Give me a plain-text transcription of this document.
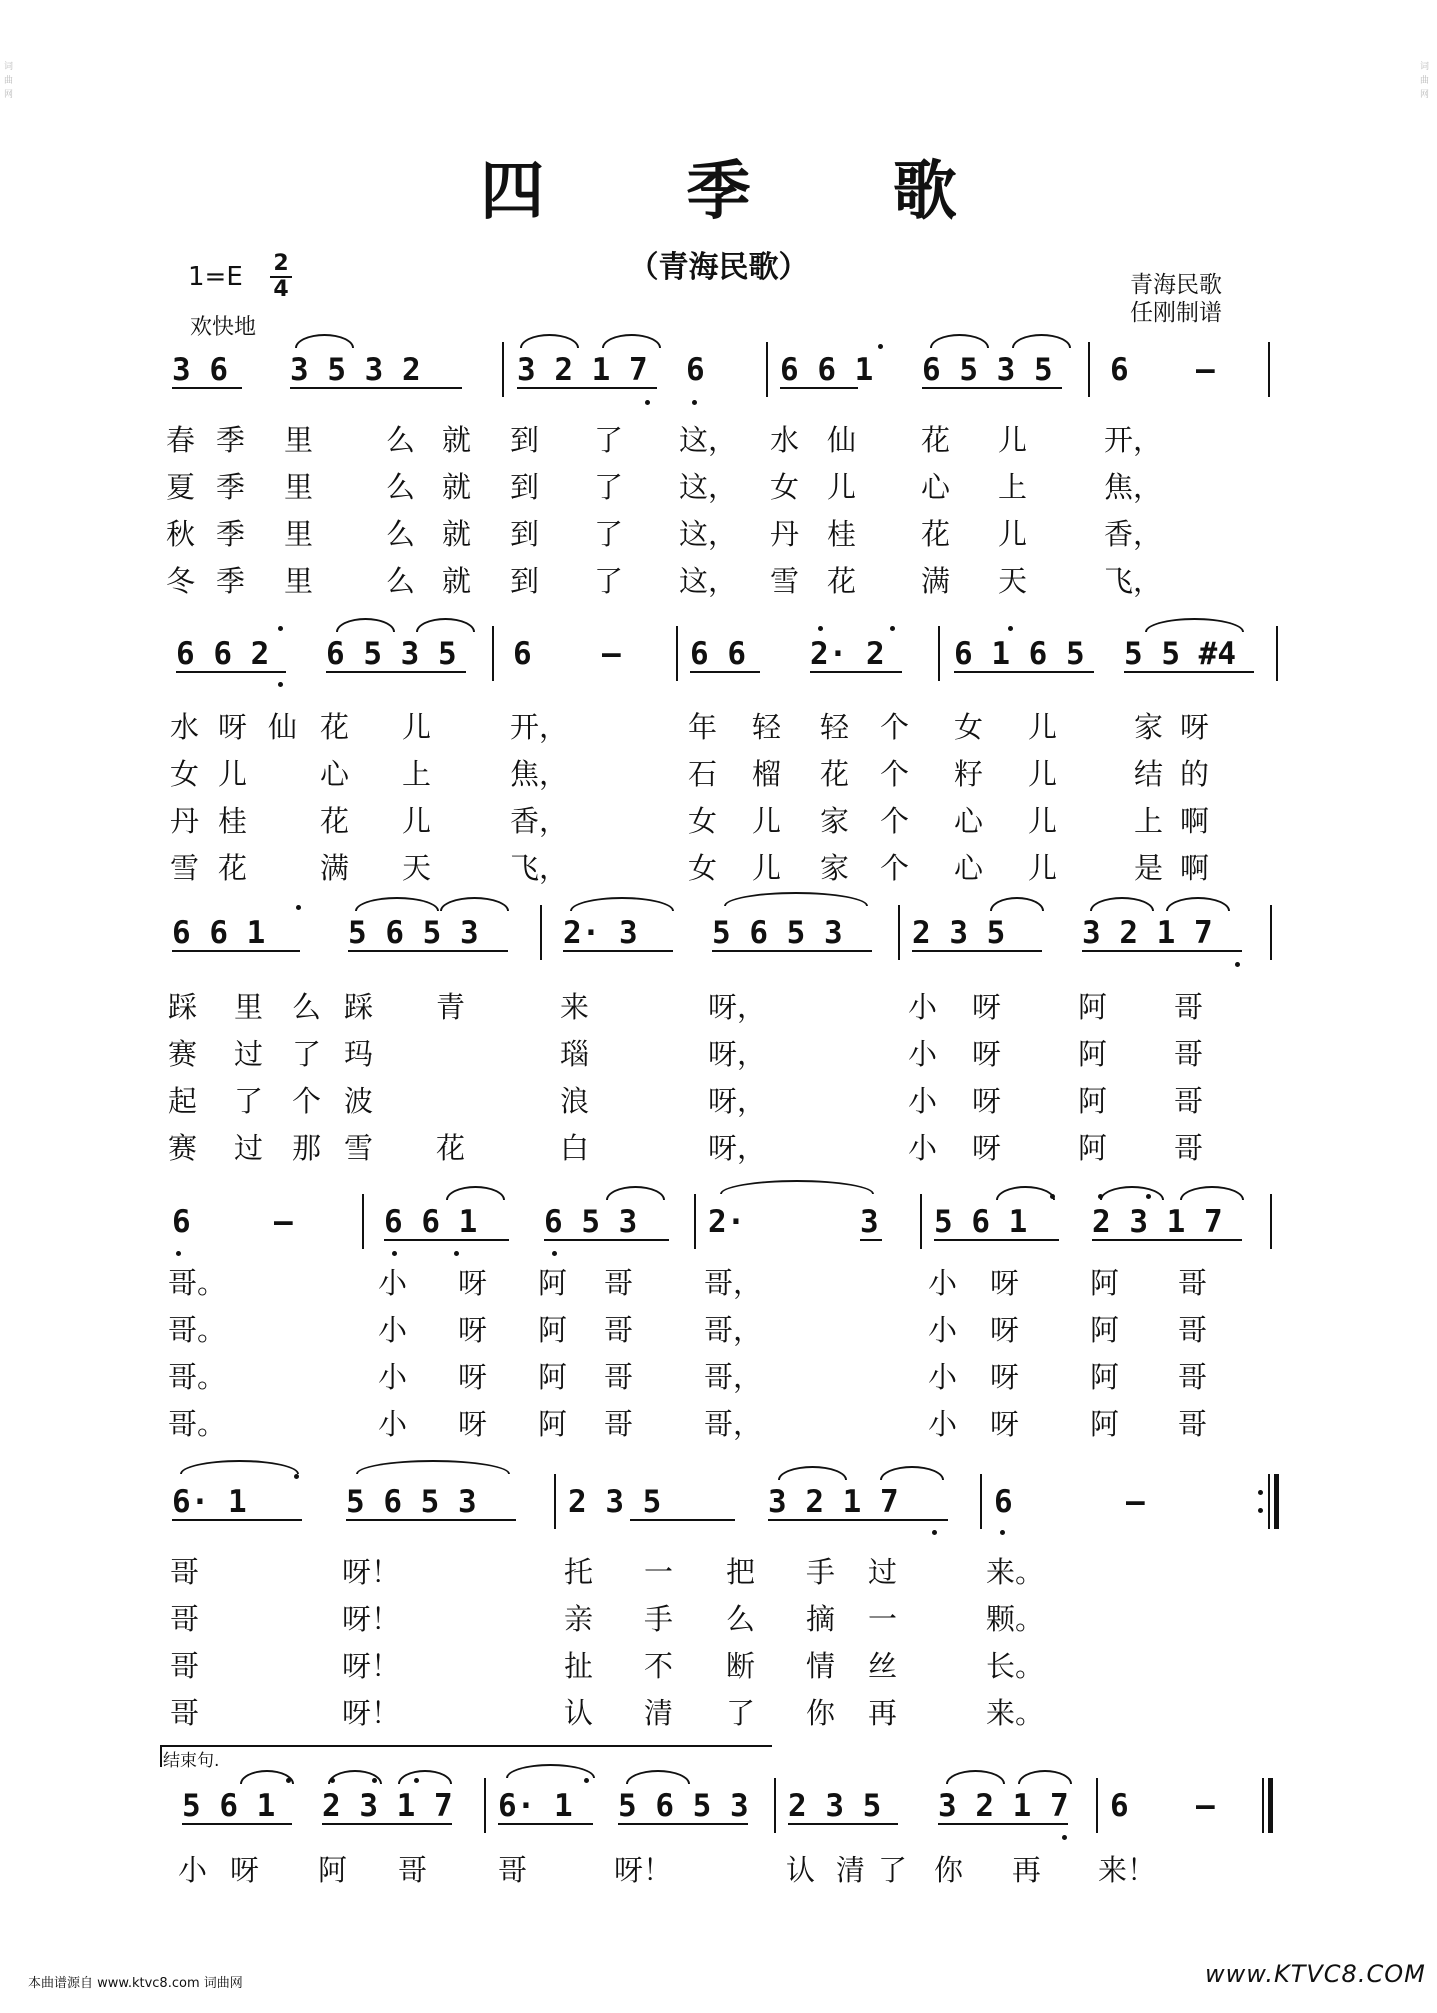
词曲网
词曲网
四 季 歌
（青海民歌）	青海民歌
任刚制谱
1=E 2
4
欢快地
3 6 3 5 3 2	3 2 1 7 6 6 6 1 6 5 3 5 6 –
春 季 里	么 就 到 了 这， 水 仙 花 儿	开，
夏 季 里	么 就 到 了 这， 女 儿 心 上	焦，
秋 季 里	么 就 到 了 这， 丹 桂 花 儿	香，
冬 季 里	么 就 到 了 这， 雪 花 满 天	飞，
6 6 2 6 5 3 5 6 – 6 6 2· 2 6 1 6 5 5 5 #4
水 呀 仙 花 儿	开，	年 轻 轻 个 女 儿	家 呀
女 儿	心 上	焦，	石 榴 花 个 籽 儿	结 的
丹 桂	花 儿	香，	女 儿 家 个 心 儿	上 啊
雪 花	满 天	飞，	女 儿 家 个 心 儿	是 啊
6 6 1	5 6 5 3	2· 3 5 6 5 3 2 3 5 3 2 1 7
踩 里 么 踩 青	来	呀，	小 呀	阿 哥
赛 过 了 玛	瑙	呀，	小 呀	阿 哥
起 了 个 波	浪	呀，	小 呀	阿 哥
赛 过 那 雪 花	白	呀，	小 呀	阿 哥
6	–	6 6 1 6 5 3 2·	3 5 6 1 2 3 1 7
哥。	小 呀 阿 哥 哥，	小 呀 阿 哥
哥。	小 呀 阿 哥 哥，	小 呀 阿 哥
哥。	小 呀 阿 哥 哥，	小 呀 阿 哥
哥。	小 呀 阿 哥 哥，	小 呀 阿 哥
6· 1	5 6 5 3	2 3 5	3 2 1 7	6	–
哥	呀！	托 一 把 手 过	来。
哥	呀！	亲 手 么 摘 一	颗。
哥	呀！	扯 不 断 情 丝	长。
哥	呀！	认 清 了 你 再	来。
结束句.
5 6 1 2 3 1 7 6· 1 5 6 5 3 2 3 5 3 2 1 7 6 –
小 呀 阿 哥 哥	呀！	认 清 了 你 再 来！
本曲谱源自 www.ktvc8.com 词曲网	www.KTVC8.COM
